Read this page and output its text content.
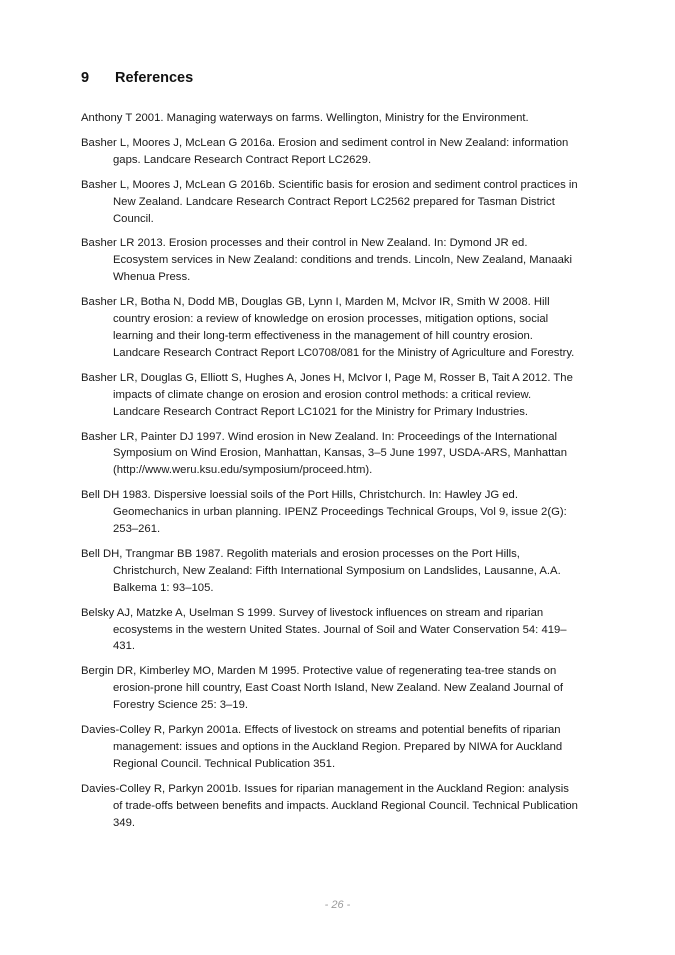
9	References
Anthony T 2001. Managing waterways on farms. Wellington, Ministry for the Environment.
Basher L, Moores J, McLean G 2016a. Erosion and sediment control in New Zealand: information gaps. Landcare Research Contract Report LC2629.
Basher L, Moores J, McLean G 2016b. Scientific basis for erosion and sediment control practices in New Zealand. Landcare Research Contract Report LC2562 prepared for Tasman District Council.
Basher LR 2013. Erosion processes and their control in New Zealand. In: Dymond JR ed. Ecosystem services in New Zealand: conditions and trends. Lincoln, New Zealand, Manaaki Whenua Press.
Basher LR, Botha N, Dodd MB, Douglas GB, Lynn I, Marden M, McIvor IR, Smith W 2008. Hill country erosion: a review of knowledge on erosion processes, mitigation options, social learning and their long-term effectiveness in the management of hill country erosion. Landcare Research Contract Report LC0708/081 for the Ministry of Agriculture and Forestry.
Basher LR, Douglas G, Elliott S, Hughes A, Jones H, McIvor I, Page M, Rosser B, Tait A 2012. The impacts of climate change on erosion and erosion control methods: a critical review. Landcare Research Contract Report LC1021 for the Ministry for Primary Industries.
Basher LR, Painter DJ 1997. Wind erosion in New Zealand. In: Proceedings of the International Symposium on Wind Erosion, Manhattan, Kansas, 3–5 June 1997, USDA-ARS, Manhattan (http://www.weru.ksu.edu/symposium/proceed.htm).
Bell DH 1983. Dispersive loessial soils of the Port Hills, Christchurch. In: Hawley JG ed. Geomechanics in urban planning. IPENZ Proceedings Technical Groups, Vol 9, issue 2(G): 253–261.
Bell DH, Trangmar BB 1987. Regolith materials and erosion processes on the Port Hills, Christchurch, New Zealand: Fifth International Symposium on Landslides, Lausanne, A.A. Balkema 1: 93–105.
Belsky AJ, Matzke A, Uselman S 1999. Survey of livestock influences on stream and riparian ecosystems in the western United States. Journal of Soil and Water Conservation 54: 419–431.
Bergin DR, Kimberley MO, Marden M 1995. Protective value of regenerating tea-tree stands on erosion-prone hill country, East Coast North Island, New Zealand. New Zealand Journal of Forestry Science 25: 3–19.
Davies-Colley R, Parkyn 2001a. Effects of livestock on streams and potential benefits of riparian management: issues and options in the Auckland Region. Prepared by NIWA for Auckland Regional Council. Technical Publication 351.
Davies-Colley R, Parkyn 2001b. Issues for riparian management in the Auckland Region: analysis of trade-offs between benefits and impacts. Auckland Regional Council. Technical Publication 349.
- 26 -
